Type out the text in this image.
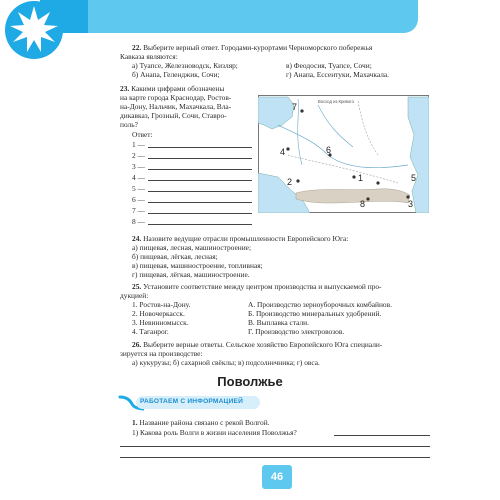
22. Выберите верный ответ. Городами-курортами Черноморского побережья
Кавказа являются:
а) Туапсе, Железноводск, Кизляр;
б) Анапа, Геленджик, Сочи;
в) Феодосия, Туапсе, Сочи;
г) Анапа, Ессентуки, Махачкала.
23. Какими цифрами обозначены
на карте города Краснодар, Ростов-
на-Дону, Нальчик, Махачкала, Вла-
дикавказ, Грозный, Сочи, Ставро-
поль?
Ответ:
1 —
2 —
3 —
4 —
5 —
6 —
7 —
8 —
7
4	6
1
2	5
3
8
Восход из Кривого
24. Назовите ведущие отрасли промышленности Европейского Юга:
а) пищевая, лесная, машиностроение;
б) пищевая, лёгкая, лесная;
в) пищевая, машиностроение, топливная;
г) пищевая, лёгкая, машиностроение.
25. Установите соответствие между центром производства и выпускаемой про-
дукцией:
1. Ростов-на-Дону.
2. Новочеркасск.
3. Невинномысск.
4. Таганрог.
А. Производство зерноуборочных комбайнов.
Б. Производство минеральных удобрений.
В. Выплавка стали.
Г. Производство электровозов.
26. Выберите верные ответы. Сельское хозяйство Европейского Юга специали-
зируется на производстве:
а) кукурузы; б) сахарной свёклы; в) подсолнечника; г) овса.
Поволжье
РАБОТАЕМ С ИНФОРМАЦИЕЙ
1. Название района связано с рекой Волгой.
1) Какова роль Волги в жизни населения Поволжья?
46
